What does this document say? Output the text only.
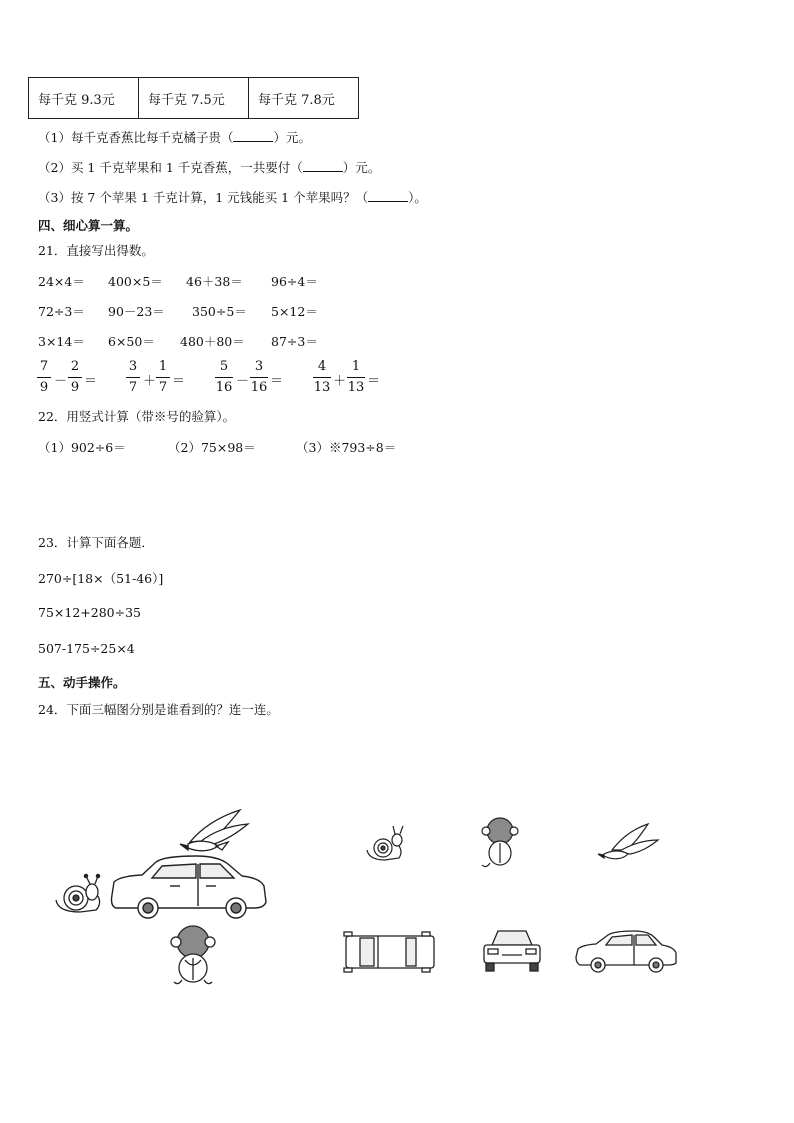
每千克 9.3元	每千克 7.5元	每千克 7.8元
（1）每千克香蕉比每千克橘子贵（	）元。
（2）买 1 千克苹果和 1 千克香蕉，一共要付（	）元。
（3）按 7 个苹果 1 千克计算，1 元钱能买 1 个苹果吗？（	）。
四、细心算一算。
21．直接写出得数。
24×4＝ 400×5＝ 46＋38＝ 96÷4＝
72÷3＝ 90－23＝ 350÷5＝ 5×12＝
3×14＝ 6×50＝ 480＋80＝ 87÷3＝
7
9 －
2
9 ＝
3
7 ＋
1
7 ＝
5
16 －
3
16 ＝
4
13 ＋
1
13 ＝
22．用竖式计算（带※号的验算）。
（1）902÷6＝	（2）75×98＝	（3）※793÷8＝
23．计算下面各题．
270÷[18×（51-46）]
75×12+280÷35
507-175÷25×4
五、动手操作。
24．下面三幅图分别是谁看到的？连一连。
